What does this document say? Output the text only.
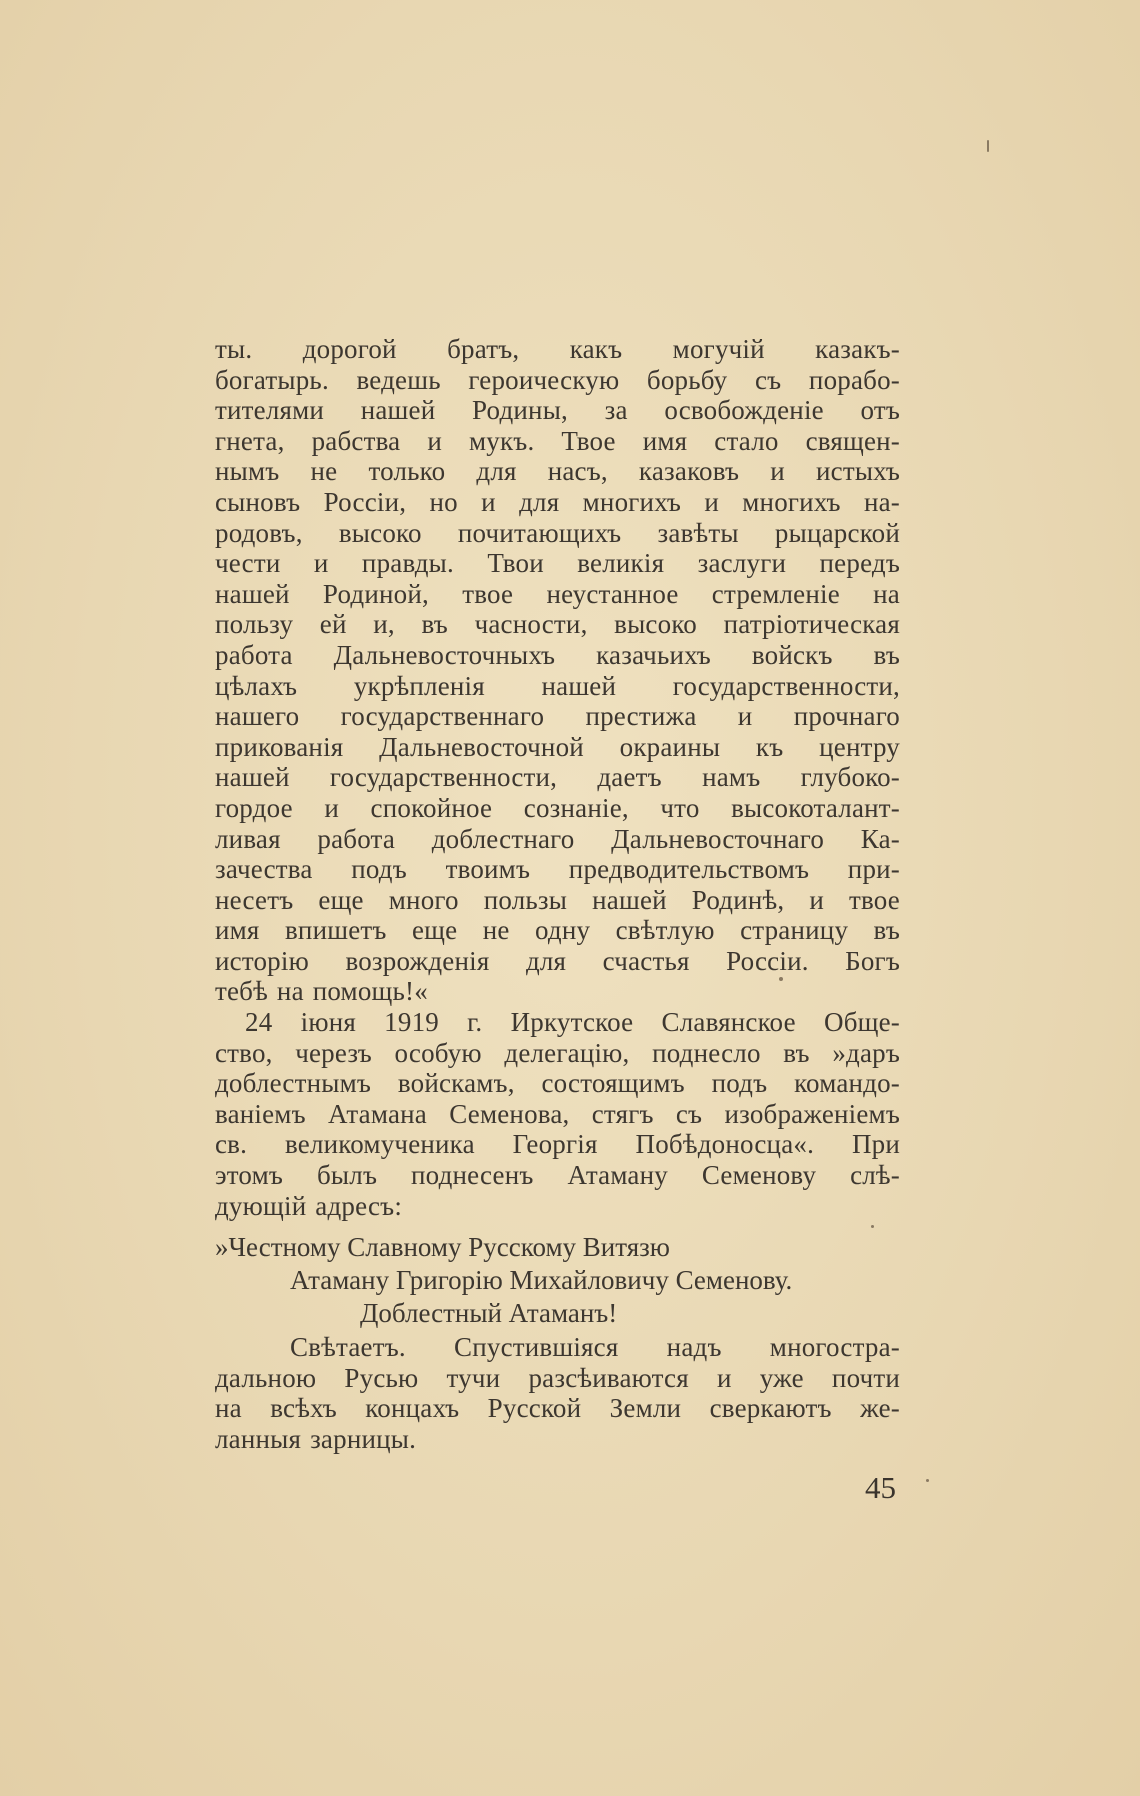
ты. дорогой братъ, какъ могучій казакъ-
богатырь. ведешь героическую борьбу съ порабо-
тителями нашей Родины, за освобожденіе отъ
гнета, рабства и мукъ. Твое имя стало священ-
нымъ не только для насъ, казаковъ и истыхъ
сыновъ Россіи, но и для многихъ и многихъ на-
родовъ, высоко почитающихъ завѣты рыцарской
чести и правды. Твои великія заслуги передъ
нашей Родиной, твое неустанное стремленіе на
пользу ей и, въ часности, высоко патріотическая
работа Дальневосточныхъ казачьихъ войскъ въ
цѣлахъ укрѣпленія нашей государственности,
нашего государственнаго престижа и прочнаго
прикованія Дальневосточной окраины къ центру
нашей государственности, даетъ намъ глубоко-
гордое и спокойное сознаніе, что высокоталант-
ливая работа доблестнаго Дальневосточнаго Ка-
зачества подъ твоимъ предводительствомъ при-
несетъ еще много пользы нашей Родинѣ, и твое
имя впишетъ еще не одну свѣтлую страницу въ
исторію возрожденія для счастья Россіи. Богъ
тебѣ на помощь!«
24 іюня 1919 г. Иркутское Славянское Обще-
ство, черезъ особую делегацію, поднесло въ »даръ
доблестнымъ войскамъ, состоящимъ подъ командо-
ваніемъ Атамана Семенова, стягъ съ изображеніемъ
св. великомученика Георгія Побѣдоносца«. При
этомъ былъ поднесенъ Атаману Семенову слѣ-
дующій адресъ:
»Честному Славному Русскому Витязю
Атаману Григорію Михайловичу Семенову.
Доблестный Атаманъ!
Свѣтаетъ. Спустившіяся надъ многостра-
дальною Русью тучи разсѣиваются и уже почти
на всѣхъ концахъ Русской Земли сверкаютъ же-
ланныя зарницы.
45
